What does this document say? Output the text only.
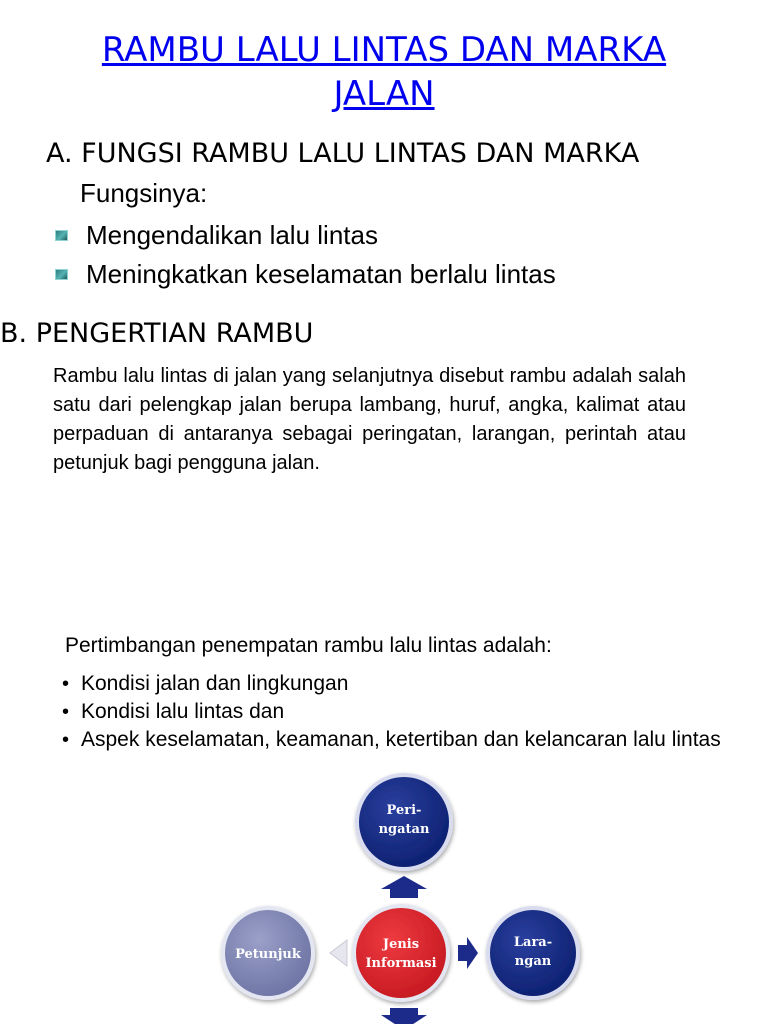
RAMBU LALU LINTAS DAN MARKA
JALAN
A. FUNGSI RAMBU LALU LINTAS DAN MARKA
Fungsinya:
Mengendalikan lalu lintas
Meningkatkan keselamatan berlalu lintas
B. PENGERTIAN RAMBU
Rambu lalu lintas di jalan yang selanjutnya disebut rambu adalah salah satu dari pelengkap jalan berupa lambang, huruf, angka, kalimat atau perpaduan di antaranya sebagai peringatan, larangan, perintah atau petunjuk bagi pengguna jalan.
Pertimbangan penempatan rambu lalu lintas adalah:
• Kondisi jalan dan lingkungan
• Kondisi lalu lintas dan
• Aspek keselamatan, keamanan, ketertiban dan kelancaran lalu lintas
Peri-
ngatan
Jenis
Informasi
Lara-
ngan
Petunjuk
